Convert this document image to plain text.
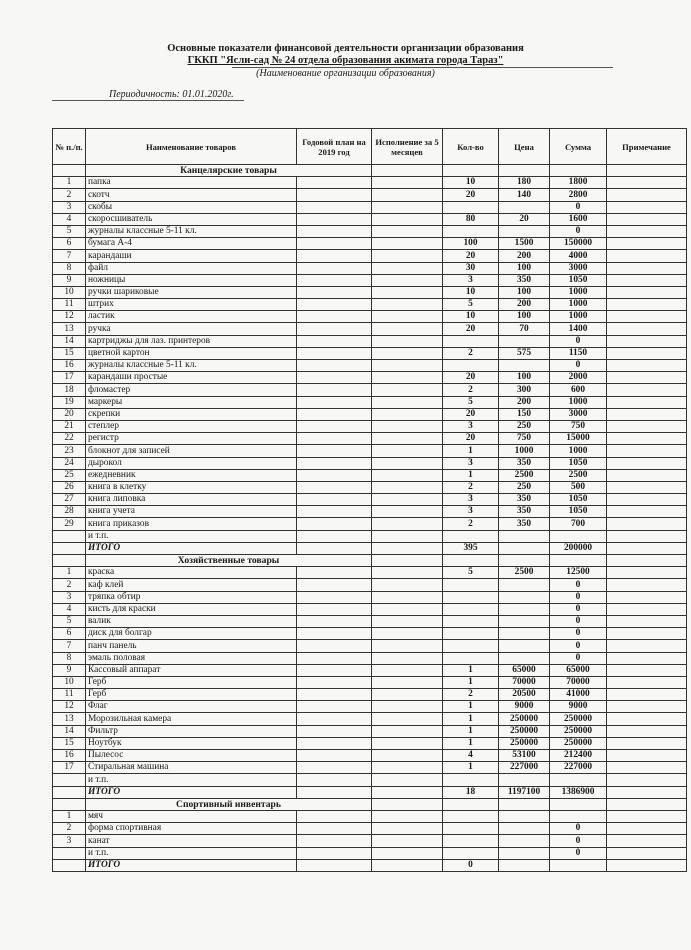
Основные показатели финансовой деятельности организации образования
ГККП "Ясли-сад № 24 отдела образования акимата города Тараз"
(Наименование организации образования)
Периодичность: 01.01.2020г.
№ п./п.	Наименование товаров	Годовой план на 2019 год	Исполнение за 5 месяцев	Кол-во	Цена	Сумма	Примечание
	Канцелярские товары						
1	папка			10	180	1800	
2	скотч			20	140	2800	
3	скобы					0	
4	скоросшиватель			80	20	1600	
5	журналы классные 5-11 кл.					0	
6	бумага А-4			100	1500	150000	
7	карандаши			20	200	4000	
8	файл			30	100	3000	
9	ножницы			3	350	1050	
10	ручки шариковые			10	100	1000	
11	штрих			5	200	1000	
12	ластик			10	100	1000	
13	ручка			20	70	1400	
14	картриджы для лаз. принтеров					0	
15	цветной картон			2	575	1150	
16	журналы классные 5-11 кл.					0	
17	карандаши простые			20	100	2000	
18	фломастер			2	300	600	
19	маркеры			5	200	1000	
20	скрепки			20	150	3000	
21	степлер			3	250	750	
22	регистр			20	750	15000	
23	блокнот для записей			1	1000	1000	
24	дырокол			3	350	1050	
25	ежедневник			1	2500	2500	
26	книга в клетку			2	250	500	
27	книга липовка			3	350	1050	
28	книга учета			3	350	1050	
29	книга приказов			2	350	700	
	и т.п.						
	ИТОГО			395		200000	
	Хозяйственные товары						
1	краска			5	2500	12500	
2	каф клей					0	
3	тряпка обтир					0	
4	кисть для краски					0	
5	валик					0	
6	диск для болгар					0	
7	панч панель					0	
8	эмаль половая					0	
9	Кассовый аппарат			1	65000	65000	
10	Герб			1	70000	70000	
11	Герб			2	20500	41000	
12	Флаг			1	9000	9000	
13	Морозильная камера			1	250000	250000	
14	Фильтр			1	250000	250000	
15	Ноутбук			1	250000	250000	
16	Пылесос			4	53100	212400	
17	Стиральная машина			1	227000	227000	
	и т.п.						
	ИТОГО			18	1197100	1386900	
	Спортивный инвентарь						
1	мяч						
2	форма спортивная					0	
3	канат					0	
	и т.п.					0	
	ИТОГО			0			
